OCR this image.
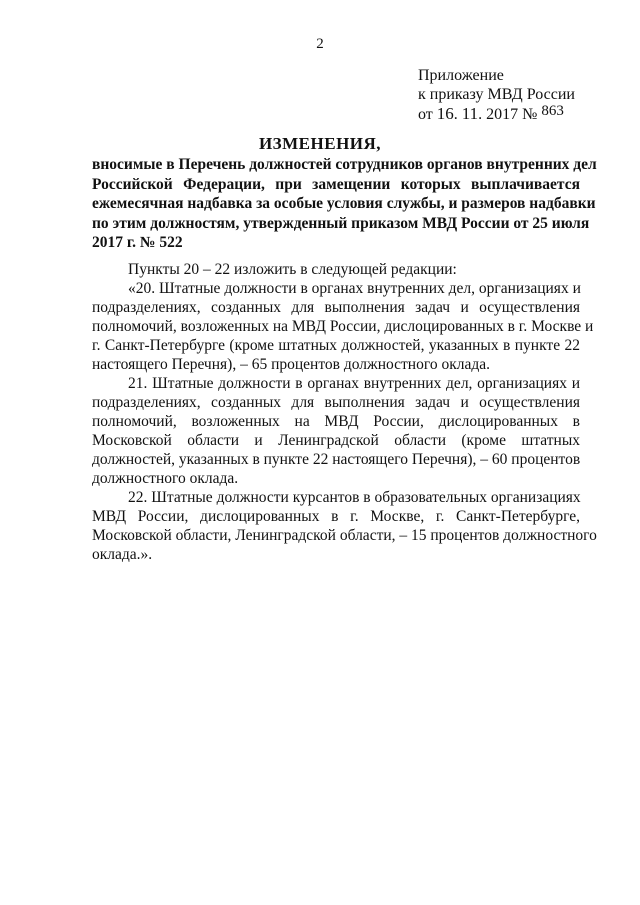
2
Приложение
к приказу МВД России
от 16. 11. 2017 № 863
ИЗМЕНЕНИЯ,
вносимые в Перечень должностей сотрудников органов внутренних дел
Российской Федерации, при замещении которых выплачивается
ежемесячная надбавка за особые условия службы, и размеров надбавки
по этим должностям, утвержденный приказом МВД России от 25 июля
2017 г. № 522
Пункты 20 – 22 изложить в следующей редакции:
«20. Штатные должности в органах внутренних дел, организациях и
подразделениях, созданных для выполнения задач и осуществления
полномочий, возложенных на МВД России, дислоцированных в г. Москве и
г. Санкт-Петербурге (кроме штатных должностей, указанных в пункте 22
настоящего Перечня), – 65 процентов должностного оклада.
21. Штатные должности в органах внутренних дел, организациях и
подразделениях, созданных для выполнения задач и осуществления
полномочий, возложенных на МВД России, дислоцированных в
Московской области и Ленинградской области (кроме штатных
должностей, указанных в пункте 22 настоящего Перечня), – 60 процентов
должностного оклада.
22. Штатные должности курсантов в образовательных организациях
МВД России, дислоцированных в г. Москве, г. Санкт-Петербурге,
Московской области, Ленинградской области, – 15 процентов должностного
оклада.».
